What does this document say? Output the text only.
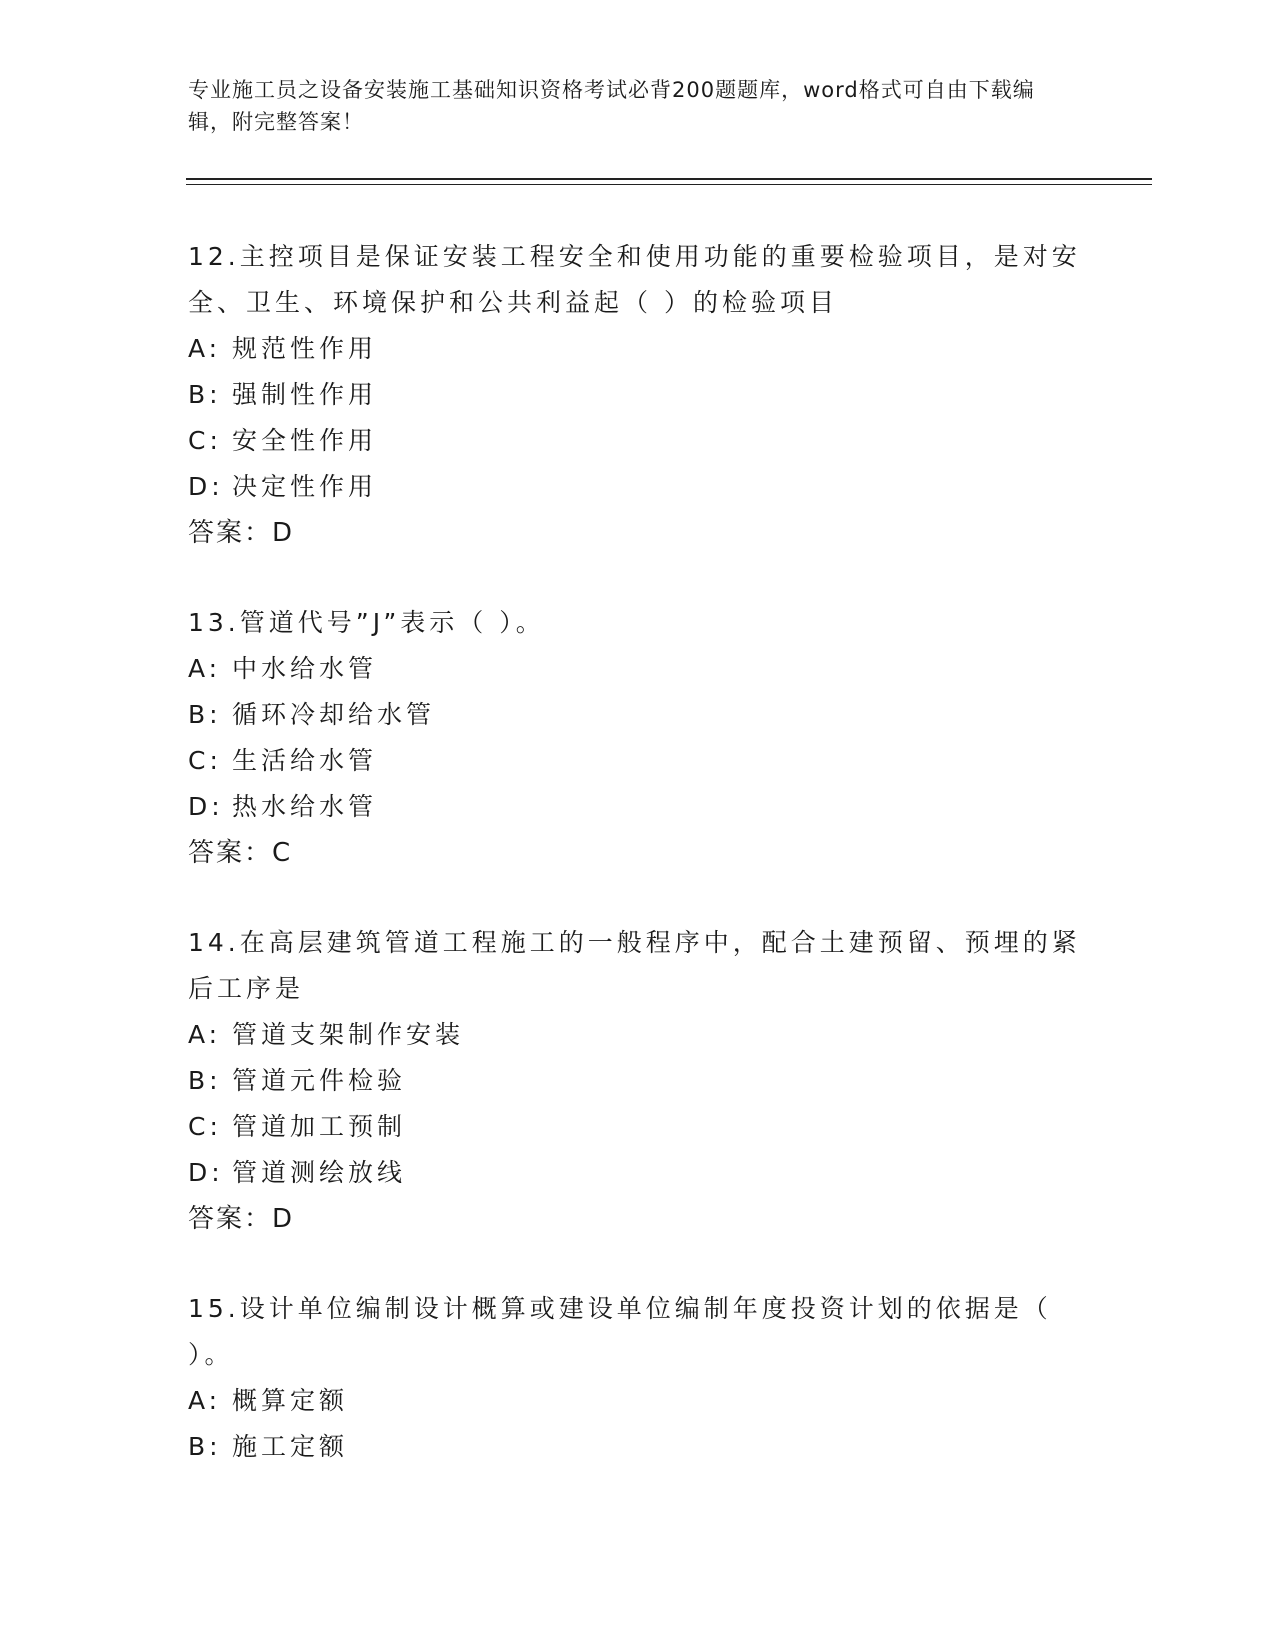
专业施工员之设备安装施工基础知识资格考试必背200题题库，word格式可自由下载编辑，附完整答案！
12.主控项目是保证安装工程安全和使用功能的重要检验项目，是对安全、卫生、环境保护和公共利益起（ ）的检验项目
A: 规范性作用
B: 强制性作用
C: 安全性作用
D: 决定性作用
答案：D
13.管道代号”J”表示（ ）。
A: 中水给水管
B: 循环冷却给水管
C: 生活给水管
D: 热水给水管
答案：C
14.在高层建筑管道工程施工的一般程序中，配合土建预留、预埋的紧后工序是
A: 管道支架制作安装
B: 管道元件检验
C: 管道加工预制
D: 管道测绘放线
答案：D
15.设计单位编制设计概算或建设单位编制年度投资计划的依据是（ ）。
A: 概算定额
B: 施工定额
